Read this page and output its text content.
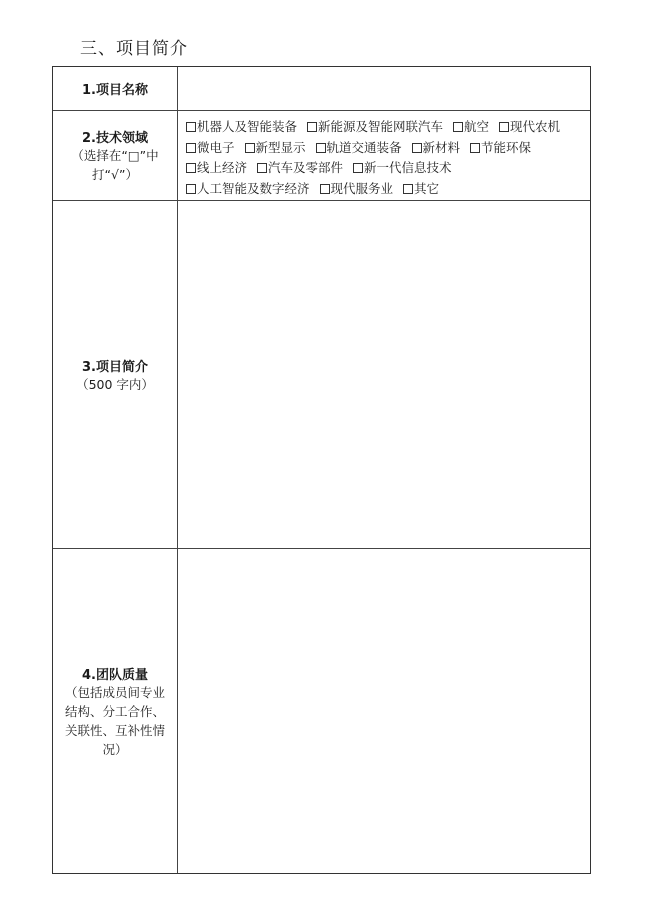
三、项目简介
1.项目名称
2.技术领域
（选择在“□”中打“√”）
机器人及智能装备 新能源及智能网联汽车 航空 现代农机 微电子 新型显示 轨道交通装备 新材料 节能环保 线上经济 汽车及零部件 新一代信息技术 人工智能及数字经济 现代服务业 其它
3.项目简介
（500 字内）
4.团队质量
（包括成员间专业结构、分工合作、关联性、互补性情况）
